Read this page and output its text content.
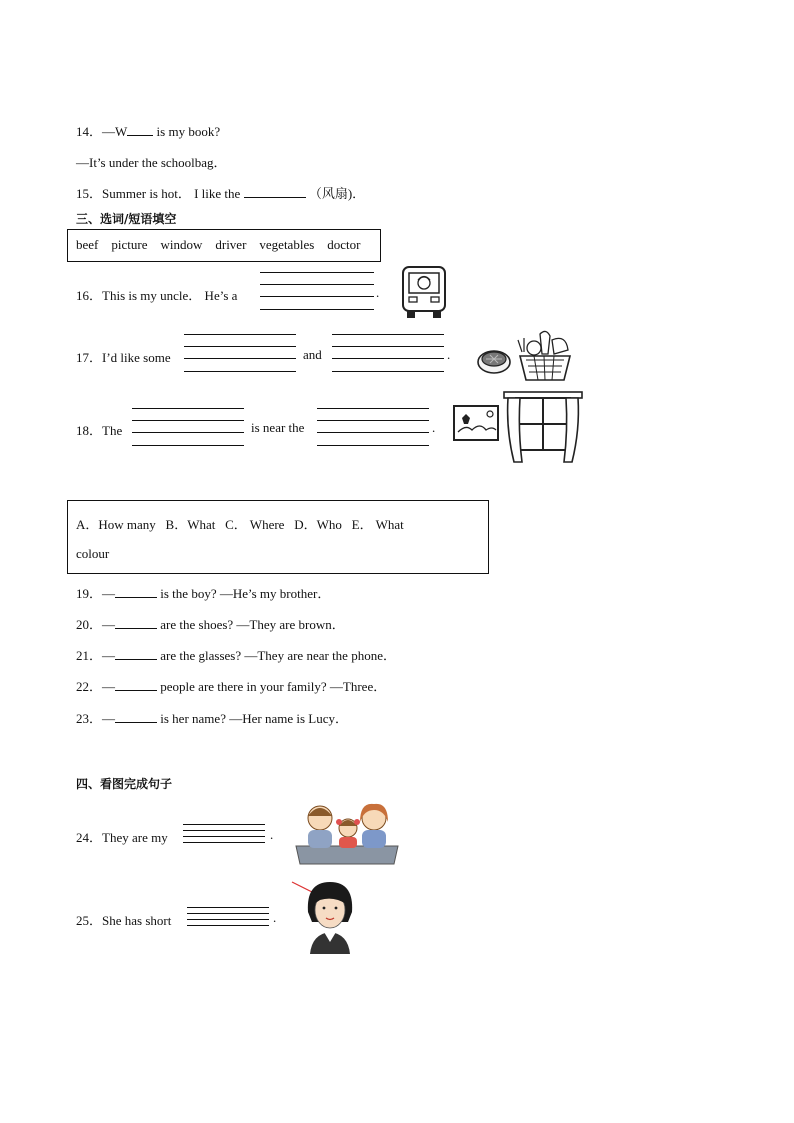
14．—W is my book?
—It’s under the schoolbag．
15．Summer is hot． I like the	（风扇)．
三、选词/短语填空
beef picture window driver vegetables doctor
16．This is my uncle． He’s a	.
17．I’d like some	and	.
18．The	is near the	.
A．How many B．What C． Where D．Who E． What
colour
19．—	is the boy? —He’s my brother．
20．—	are the shoes? —They are brown．
21．—	are the glasses? —They are near the phone．
22．—	people are there in your family? —Three．
23．—	is her name? —Her name is Lucy．
四、看图完成句子
24．They are my	.
25．She has short	.
